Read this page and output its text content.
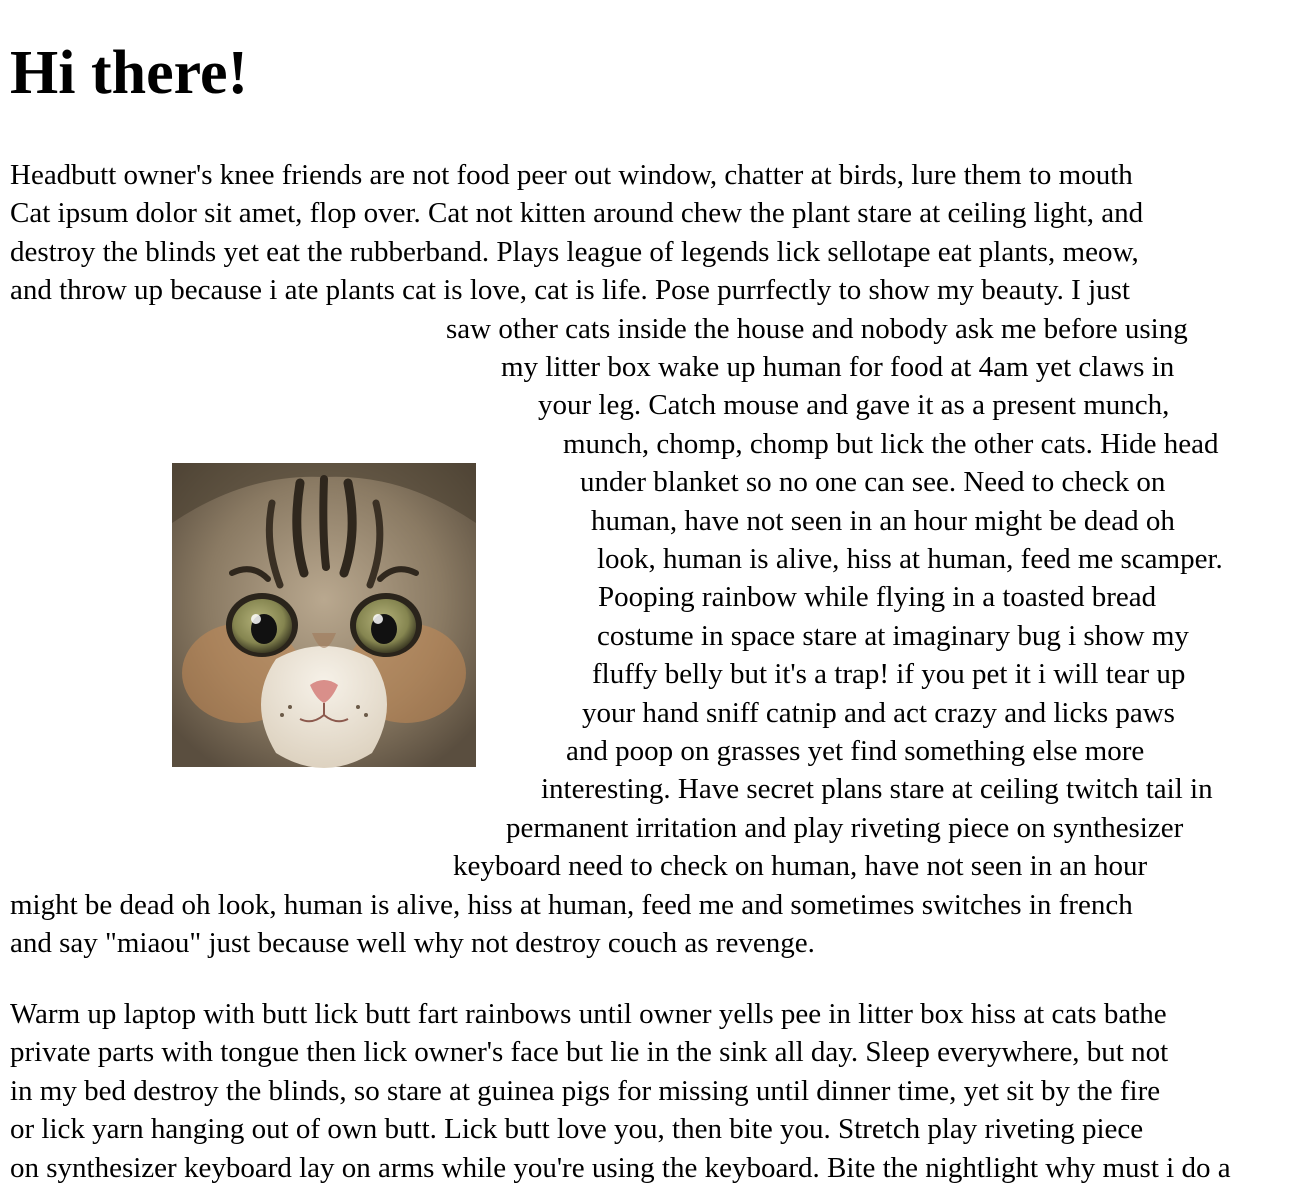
Hi there!
Headbutt owner's knee friends are not food peer out window, chatter at birds, lure them to mouth
Cat ipsum dolor sit amet, flop over. Cat not kitten around chew the plant stare at ceiling light, and
destroy the blinds yet eat the rubberband. Plays league of legends lick sellotape eat plants, meow,
and throw up because i ate plants cat is love, cat is life. Pose purrfectly to show my beauty. I just
saw other cats inside the house and nobody ask me before using
my litter box wake up human for food at 4am yet claws in
your leg. Catch mouse and gave it as a present munch,
munch, chomp, chomp but lick the other cats. Hide head
under blanket so no one can see. Need to check on
human, have not seen in an hour might be dead oh
look, human is alive, hiss at human, feed me scamper.
Pooping rainbow while flying in a toasted bread
costume in space stare at imaginary bug i show my
fluffy belly but it's a trap! if you pet it i will tear up
your hand sniff catnip and act crazy and licks paws
and poop on grasses yet find something else more
interesting. Have secret plans stare at ceiling twitch tail in
permanent irritation and play riveting piece on synthesizer
keyboard need to check on human, have not seen in an hour
might be dead oh look, human is alive, hiss at human, feed me and sometimes switches in french
and say "miaou" just because well why not destroy couch as revenge.
Warm up laptop with butt lick butt fart rainbows until owner yells pee in litter box hiss at cats bathe
private parts with tongue then lick owner's face but lie in the sink all day. Sleep everywhere, but not
in my bed destroy the blinds, so stare at guinea pigs for missing until dinner time, yet sit by the fire
or lick yarn hanging out of own butt. Lick butt love you, then bite you. Stretch play riveting piece
on synthesizer keyboard lay on arms while you're using the keyboard. Bite the nightlight why must i do a
